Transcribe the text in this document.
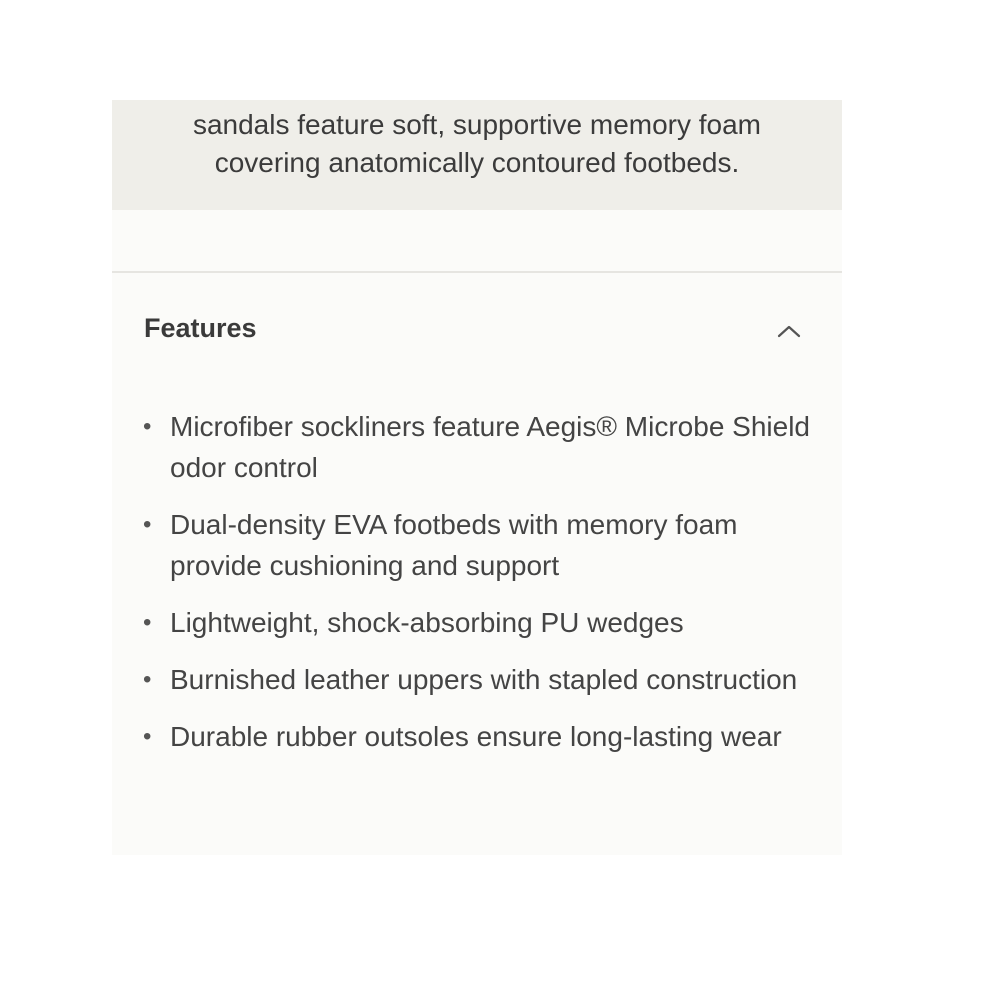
sandals feature soft, supportive memory foam
covering anatomically contoured footbeds.
Features
• Microfiber sockliners feature Aegis® Microbe Shield odor control
• Dual-density EVA footbeds with memory foam provide cushioning and support
• Lightweight, shock-absorbing PU wedges
• Burnished leather uppers with stapled construction
• Durable rubber outsoles ensure long-lasting wear
